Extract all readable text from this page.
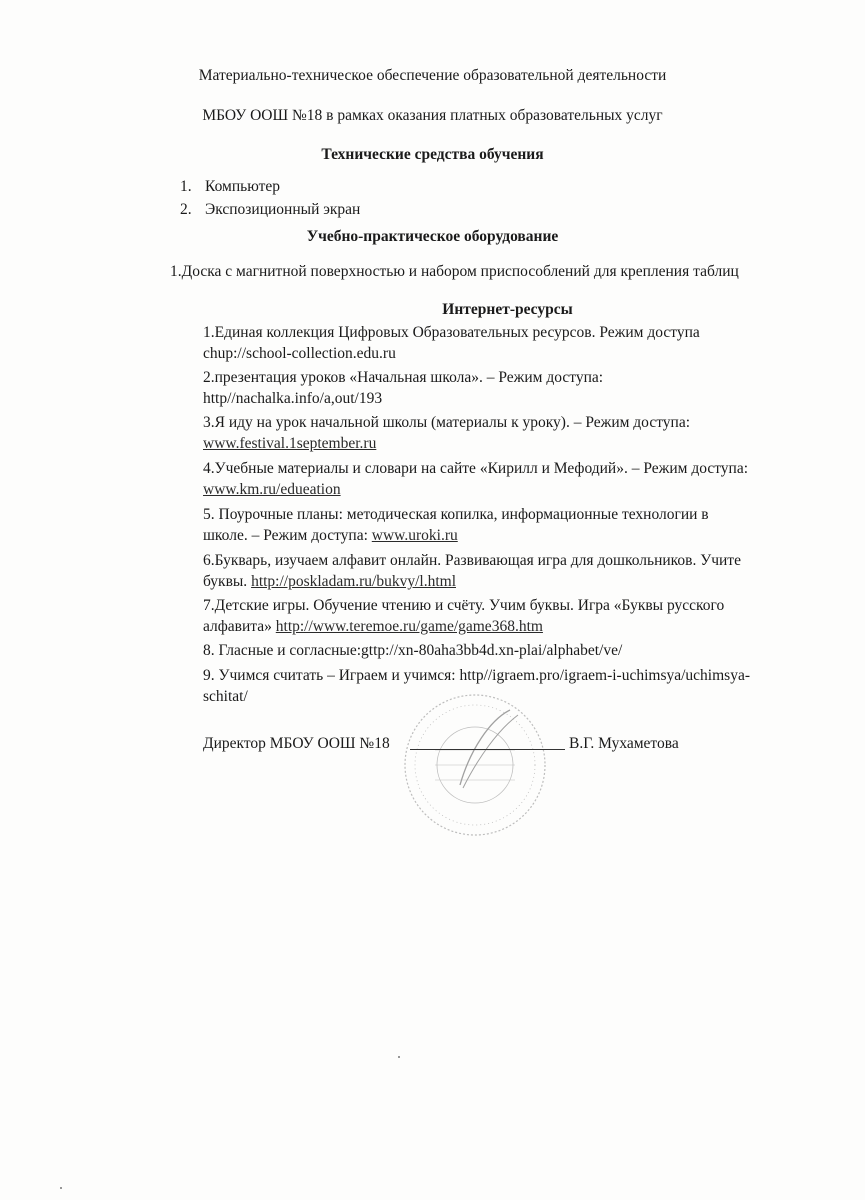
Материально-техническое обеспечение образовательной деятельности
МБОУ ООШ №18 в рамках оказания платных образовательных услуг
Технические средства обучения
1. Компьютер
2. Экспозиционный экран
Учебно-практическое оборудование
1.Доска с магнитной поверхностью и набором приспособлений для крепления таблиц
Интернет-ресурсы
1.Единая коллекция Цифровых Образовательных ресурсов. Режим доступа
chup://school-collection.edu.ru
2.презентация уроков «Начальная школа». – Режим доступа:
http//nachalka.info/a,out/193
3.Я иду на урок начальной школы (материалы к уроку). – Режим доступа:
www.festival.1september.ru
4.Учебные материалы и словари на сайте «Кирилл и Мефодий». – Режим доступа:
www.km.ru/edueation
5. Поурочные планы: методическая копилка, информационные технологии в
школе. – Режим доступа: www.uroki.ru
6.Букварь, изучаем алфавит онлайн. Развивающая игра для дошкольников. Учите
буквы. http://poskladam.ru/bukvy/l.html
7.Детские игры. Обучение чтению и счёту. Учим буквы. Игра «Буквы русского
алфавита» http://www.teremoe.ru/game/game368.htm
8. Гласные и согласные:gttp://xn-80aha3bb4d.xn-plai/alphabet/ve/
9. Учимся считать – Играем и учимся: http//igraem.pro/igraem-i-uchimsya/uchimsya-
schitat/
Директор МБОУ ООШ №18	В.Г. Мухаметова
